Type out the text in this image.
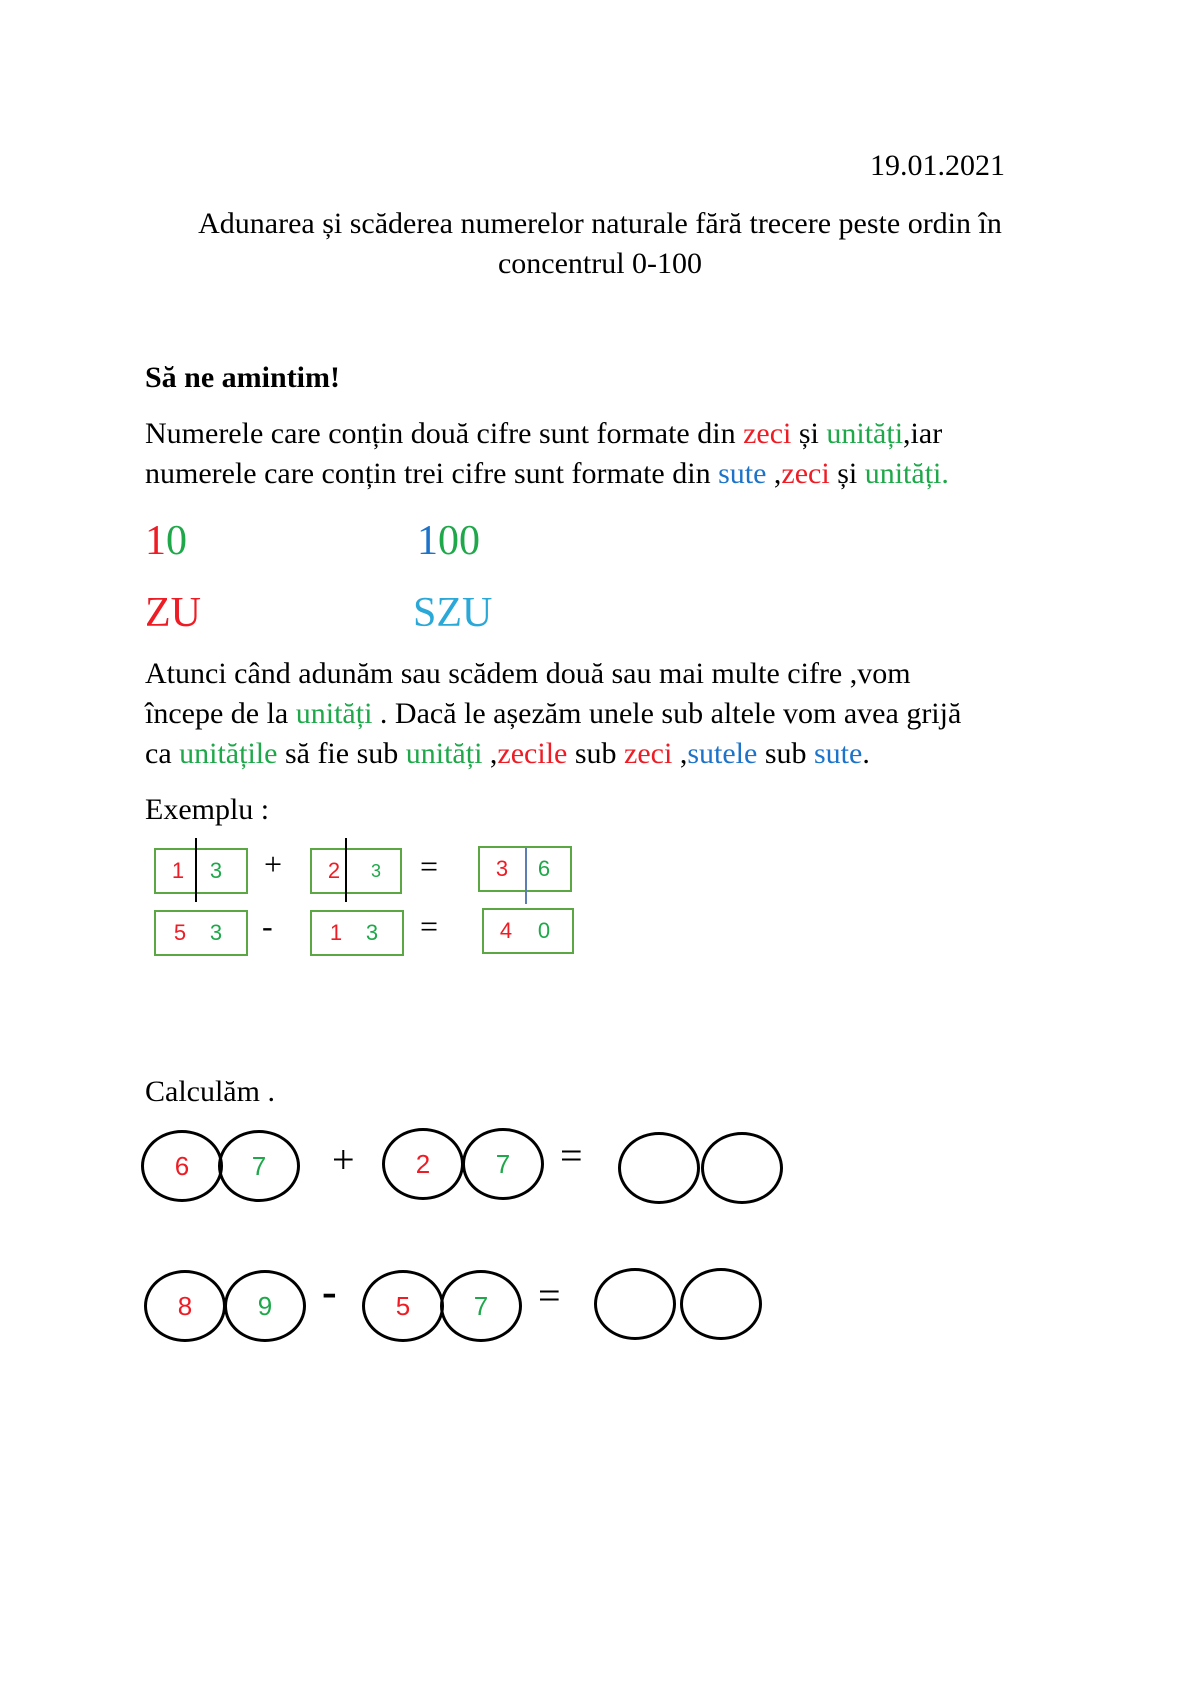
19.01.2021
Adunarea și scăderea numerelor naturale fără trecere peste ordin în
concentrul 0-100
Să ne amintim!
Numerele care conțin două cifre sunt formate din zeci și unități,iar
numerele care conțin trei cifre sunt formate din sute ,zeci și unități.
10	100
ZU	SZU
Atunci când adunăm sau scădem două sau mai multe cifre ,vom
începe de la unități . Dacă le așezăm unele sub altele vom avea grijă
ca unitățile să fie sub unități ,zecile sub zeci ,sutele sub sute.
Exemplu :
1 3 + 2	3 =	3 6
5 3 -	1 3 =	4 0
Calculăm .
6	7	+	2	7	=
8	9	-	5	7	=
